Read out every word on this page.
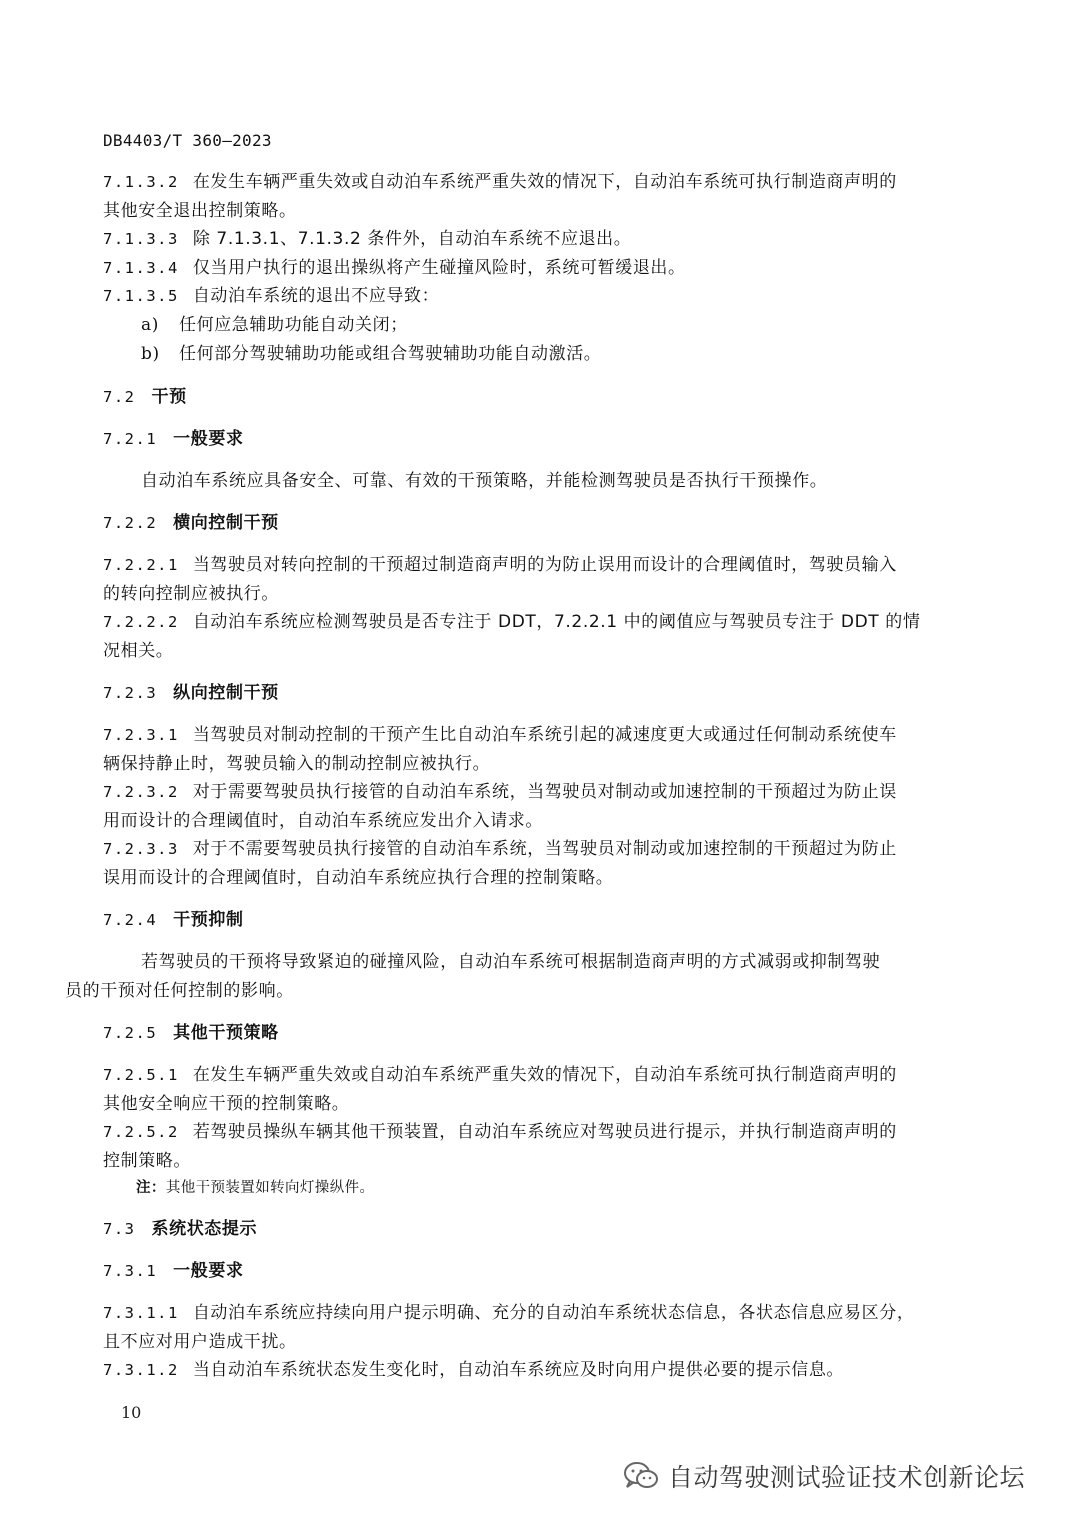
DB4403/T 360—2023

7.1.3.2 在发生车辆严重失效或自动泊车系统严重失效的情况下，自动泊车系统可执行制造商声明的
其他安全退出控制策略。

7.1.3.3 除 7.1.3.1、7.1.3.2 条件外，自动泊车系统不应退出。

7.1.3.4 仅当用户执行的退出操纵将产生碰撞风险时，系统可暂缓退出。

7.1.3.5 自动泊车系统的退出不应导致：

a) 任何应急辅助功能自动关闭；
b) 任何部分驾驶辅助功能或组合驾驶辅助功能自动激活。
7.2 干预
7.2.1 一般要求

自动泊车系统应具备安全、可靠、有效的干预策略，并能检测驾驶员是否执行干预操作。

7.2.2 横向控制干预

7.2.2.1 当驾驶员对转向控制的干预超过制造商声明的为防止误用而设计的合理阈值时，驾驶员输入
的转向控制应被执行。

7.2.2.2 自动泊车系统应检测驾驶员是否专注于 DDT，7.2.2.1 中的阈值应与驾驶员专注于 DDT 的情
况相关。

7.2.3 纵向控制干预

7.2.3.1 当驾驶员对制动控制的干预产生比自动泊车系统引起的减速度更大或通过任何制动系统使车
辆保持静止时，驾驶员输入的制动控制应被执行。

7.2.3.2 对于需要驾驶员执行接管的自动泊车系统，当驾驶员对制动或加速控制的干预超过为防止误
用而设计的合理阈值时，自动泊车系统应发出介入请求。

7.2.3.3 对于不需要驾驶员执行接管的自动泊车系统，当驾驶员对制动或加速控制的干预超过为防止
误用而设计的合理阈值时，自动泊车系统应执行合理的控制策略。

7.2.4 干预抑制

若驾驶员的干预将导致紧迫的碰撞风险，自动泊车系统可根据制造商声明的方式减弱或抑制驾驶
员的干预对任何控制的影响。

7.2.5 其他干预策略

7.2.5.1 在发生车辆严重失效或自动泊车系统严重失效的情况下，自动泊车系统可执行制造商声明的
其他安全响应干预的控制策略。

7.2.5.2 若驾驶员操纵车辆其他干预装置，自动泊车系统应对驾驶员进行提示，并执行制造商声明的
控制策略。

注：其他干预装置如转向灯操纵件。
7.3 系统状态提示
7.3.1 一般要求

7.3.1.1 自动泊车系统应持续向用户提示明确、充分的自动泊车系统状态信息，各状态信息应易区分，
且不应对用户造成干扰。

7.3.1.2 当自动泊车系统状态发生变化时，自动泊车系统应及时向用户提供必要的提示信息。

10
自动驾驶测试验证技术创新论坛
